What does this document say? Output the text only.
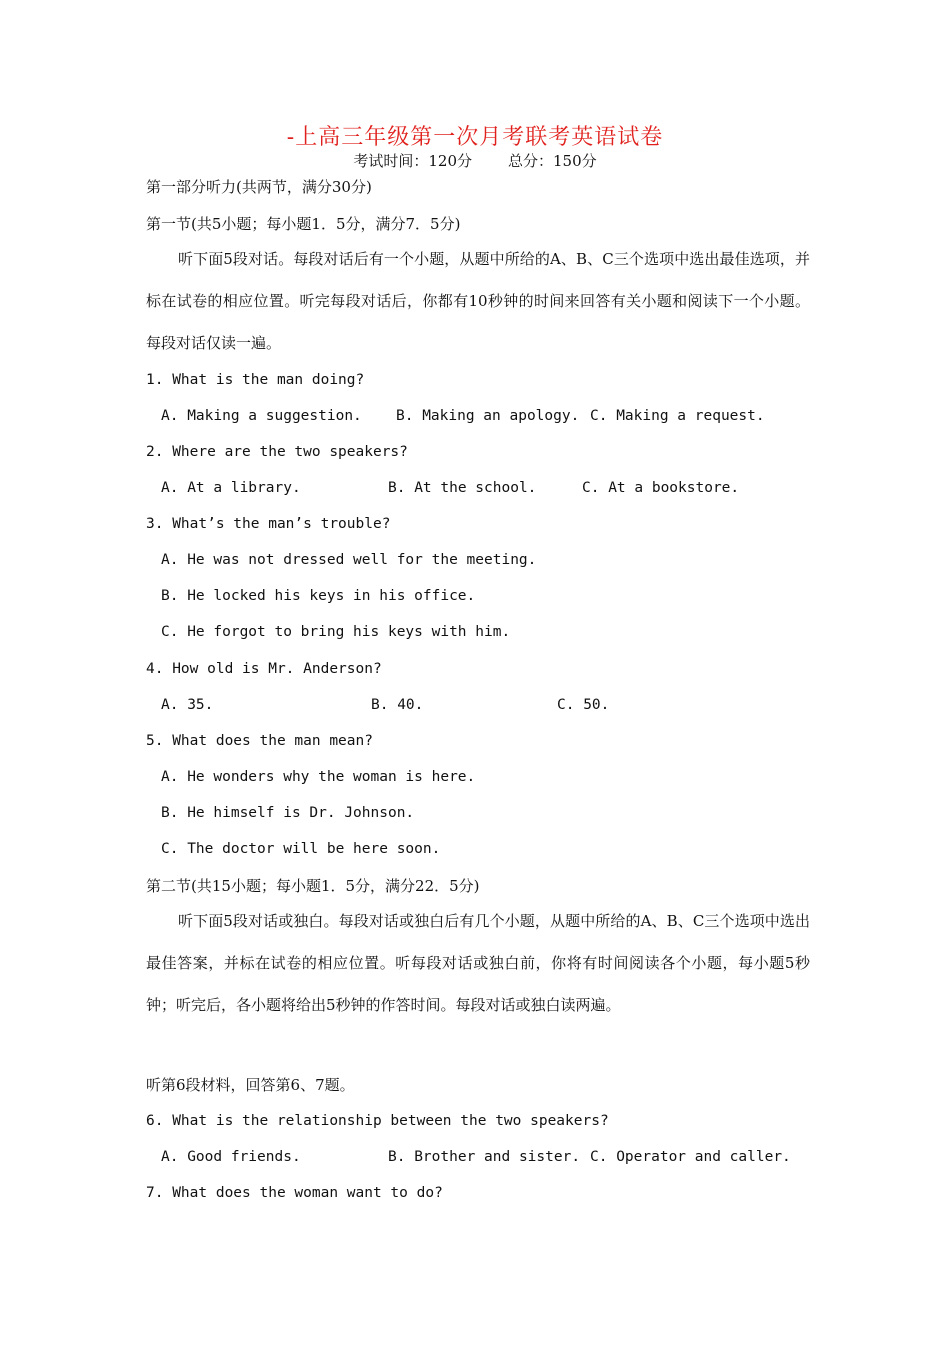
-上高三年级第一次月考联考英语试卷
考试时间：120分 总分：150分
第一部分听力(共两节，满分30分)
第一节(共5小题；每小题1．5分，满分7．5分)
听下面5段对话。每段对话后有一个小题，从题中所给的A、B、C三个选项中选出最佳选项，并标在试卷的相应位置。听完每段对话后，你都有10秒钟的时间来回答有关小题和阅读下一个小题。每段对话仅读一遍。
1. What is the man doing?
A. Making a suggestion. B. Making an apology. C. Making a request.
2. Where are the two speakers?
A. At a library.	B. At the school.	C. At a bookstore.
3. What’s the man’s trouble?
A. He was not dressed well for the meeting.
B. He locked his keys in his office.
C. He forgot to bring his keys with him.
4. How old is Mr. Anderson?
A. 35.	B. 40.	C. 50.
5. What does the man mean?
A. He wonders why the woman is here.
B. He himself is Dr. Johnson.
C. The doctor will be here soon.
第二节(共15小题；每小题1．5分，满分22．5分)
听下面5段对话或独白。每段对话或独白后有几个小题，从题中所给的A、B、C三个选项中选出最佳答案，并标在试卷的相应位置。听每段对话或独白前，你将有时间阅读各个小题，每小题5秒钟；听完后，各小题将给出5秒钟的作答时间。每段对话或独白读两遍。
听第6段材料，回答第6、7题。
6. What is the relationship between the two speakers?
A. Good friends.	B. Brother and sister. C. Operator and caller.
7. What does the woman want to do?
